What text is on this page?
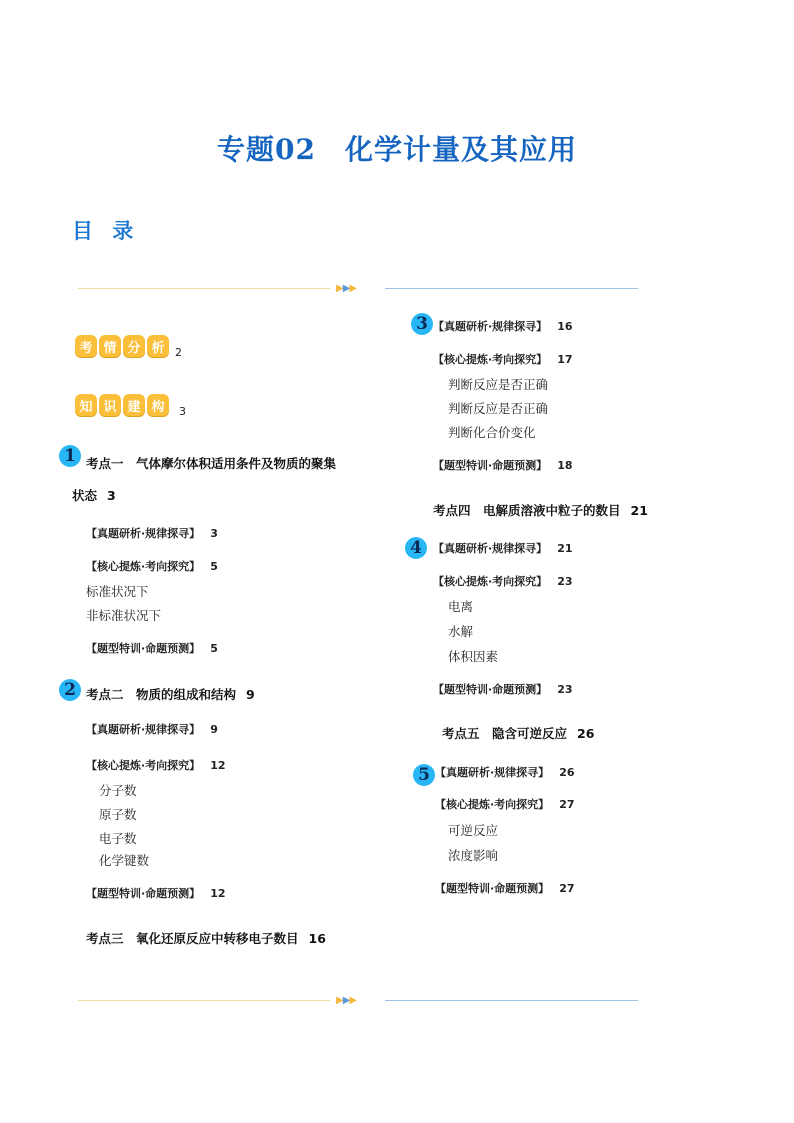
专题02　化学计量及其应用
目 录
▶▶▶
考 情 分 析 2
知 识 建 构	3
1
2
3
4
5
考点一　气体摩尔体积适用条件及物质的聚集
状态 3
【真题研析·规律探寻】 3
【核心提炼·考向探究】 5
标准状况下
非标准状况下
【题型特训·命题预测】 5
考点二　物质的组成和结构 9
【真题研析·规律探寻】 9
【核心提炼·考向探究】 12
分子数
原子数
电子数
化学键数
【题型特训·命题预测】 12
考点三　氧化还原反应中转移电子数目 16
【真题研析·规律探寻】 16
【核心提炼·考向探究】 17
判断反应是否正确
判断反应是否正确
判断化合价变化
【题型特训·命题预测】 18
考点四　电解质溶液中粒子的数目 21
【真题研析·规律探寻】 21
【核心提炼·考向探究】 23
电离
水解
体积因素
【题型特训·命题预测】 23
考点五　隐含可逆反应 26
【真题研析·规律探寻】 26
【核心提炼·考向探究】 27
可逆反应
浓度影响
【题型特训·命题预测】 27
▶▶▶
